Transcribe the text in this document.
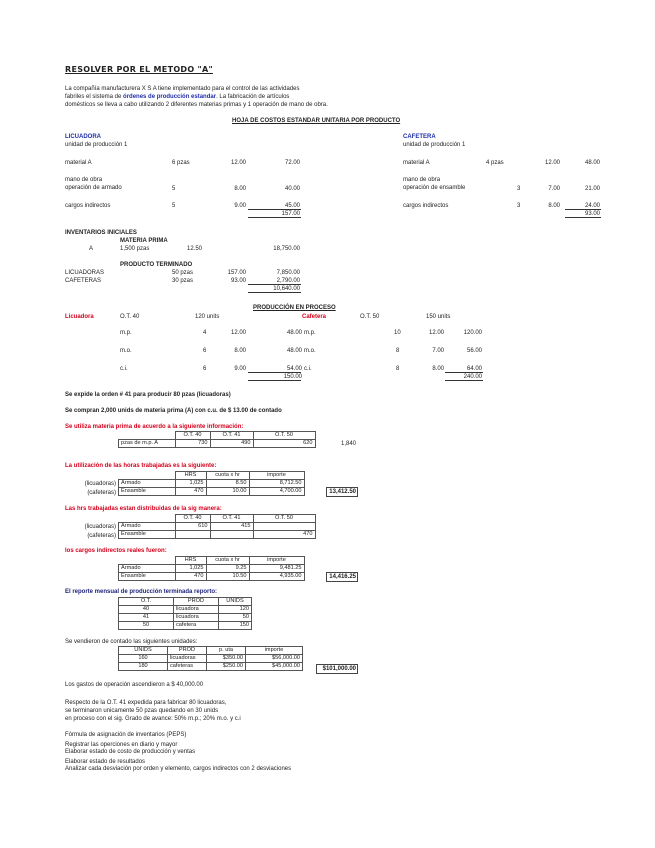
RESOLVER POR EL METODO "A"
La compañía manufacturera X S A tiene implementado para el control de las actividades
fabriles el sistema de órdenes de producción estandar. La fabricación de artículos
domésticos se lleva a cabo utilizando 2 diferentes materias primas y 1 operación de mano de obra.
HOJA DE COSTOS ESTANDAR UNITARIA POR PRODUCTO
LICUADORA
unidad de producción 1
material A	6 pzas	12.00	72.00
mano de obra
operación de armado	5	8.00	40.00
cargos indirectos	5	9.00	45.00
157.00
CAFETERA
unidad de producción 1
material A	4 pzas	12.00	48.00
mano de obra
operación de ensamble	3	7.00	21.00
cargos indirectos	3	8.00	24.00
93.00
INVENTARIOS INICIALES
MATERIA PRIMA
A	1,500 pzas	12.50	18,750.00
PRODUCTO TERMINADO
LICUADORAS	50 pzas	157.00	7,850.00
CAFETERAS	30 pzas	93.00	2,790.00
10,640.00
PRODUCCIÓN EN PROCESO
Licuadora	O.T. 40	120 units	Cafetera	O.T. 50	150 units
m.p.	4	12.00	48.00 m.p.	10	12.00	120.00
m.o.	6	8.00	48.00 m.o.	8	7.00	56.00
c.i.	6	9.00	54.00 c.i.	8	8.00	64.00
150.00	240.00
Se expide la orden # 41 para producir 80 pzas (licuadoras)
Se compran 2,000 unids de materia prima (A) con c.u. de $ 13.00 de contado
Se utiliza materia prima de acuerdo a la siguiente información:
	O.T. 40	O.T. 41	O.T. 50
pzas de m.p. A	730	490	620	1,840
La utilización de las horas trabajadas es la siguiente:
	HRS	cuota x hr	importe
Armado	1,025	8.50	8,712.50
Ensamble	470	10.00	4,700.00
(licuadoras)
(cafeteras)	13,412.50
Las hrs trabajadas estan distribuidas de la sig manera:
	O.T. 40	O.T. 41	O.T. 50
Armado	610	415	
Ensamble			470
(licuadoras)
(cafeteras)
los cargos indirectos reales fueron:
	HRS	cuota x hr	importe
Armado	1,025	9.25	9,481.25
Ensamble	470	10.50	4,935.00	14,416.25
El reporte mensual de producción terminada reporto:
O.T.	PROD	UNIDS
40	licuadora	120
41	licuadora	50
50	cafetera	150
Se vendieron de contado las siguientes unidades:
UNIDS	PROD	p. uta	importe
160	licuadoras	$350.00	$56,000.00
180	cafeteras	$250.00	$45,000.00	$101,000.00
Los gastos de operación ascendieron a $ 40,000.00
Respecto de la O.T. 41 expedida para fabricar 80 licuadoras,
se terminaron unicamente 50 pzas quedando en 30 unids
en proceso con el sig. Grado de avance: 50% m.p.; 20% m.o. y c.i
Fórmula de asignación de inventarios (PEPS)
Registrar las operciones en diario y mayor
Elaborar estado de costo de producción y ventas
Elaborar estado de resultados
Analizar cada desviación por orden y elemento, cargos indirectos con 2 desviaciones
